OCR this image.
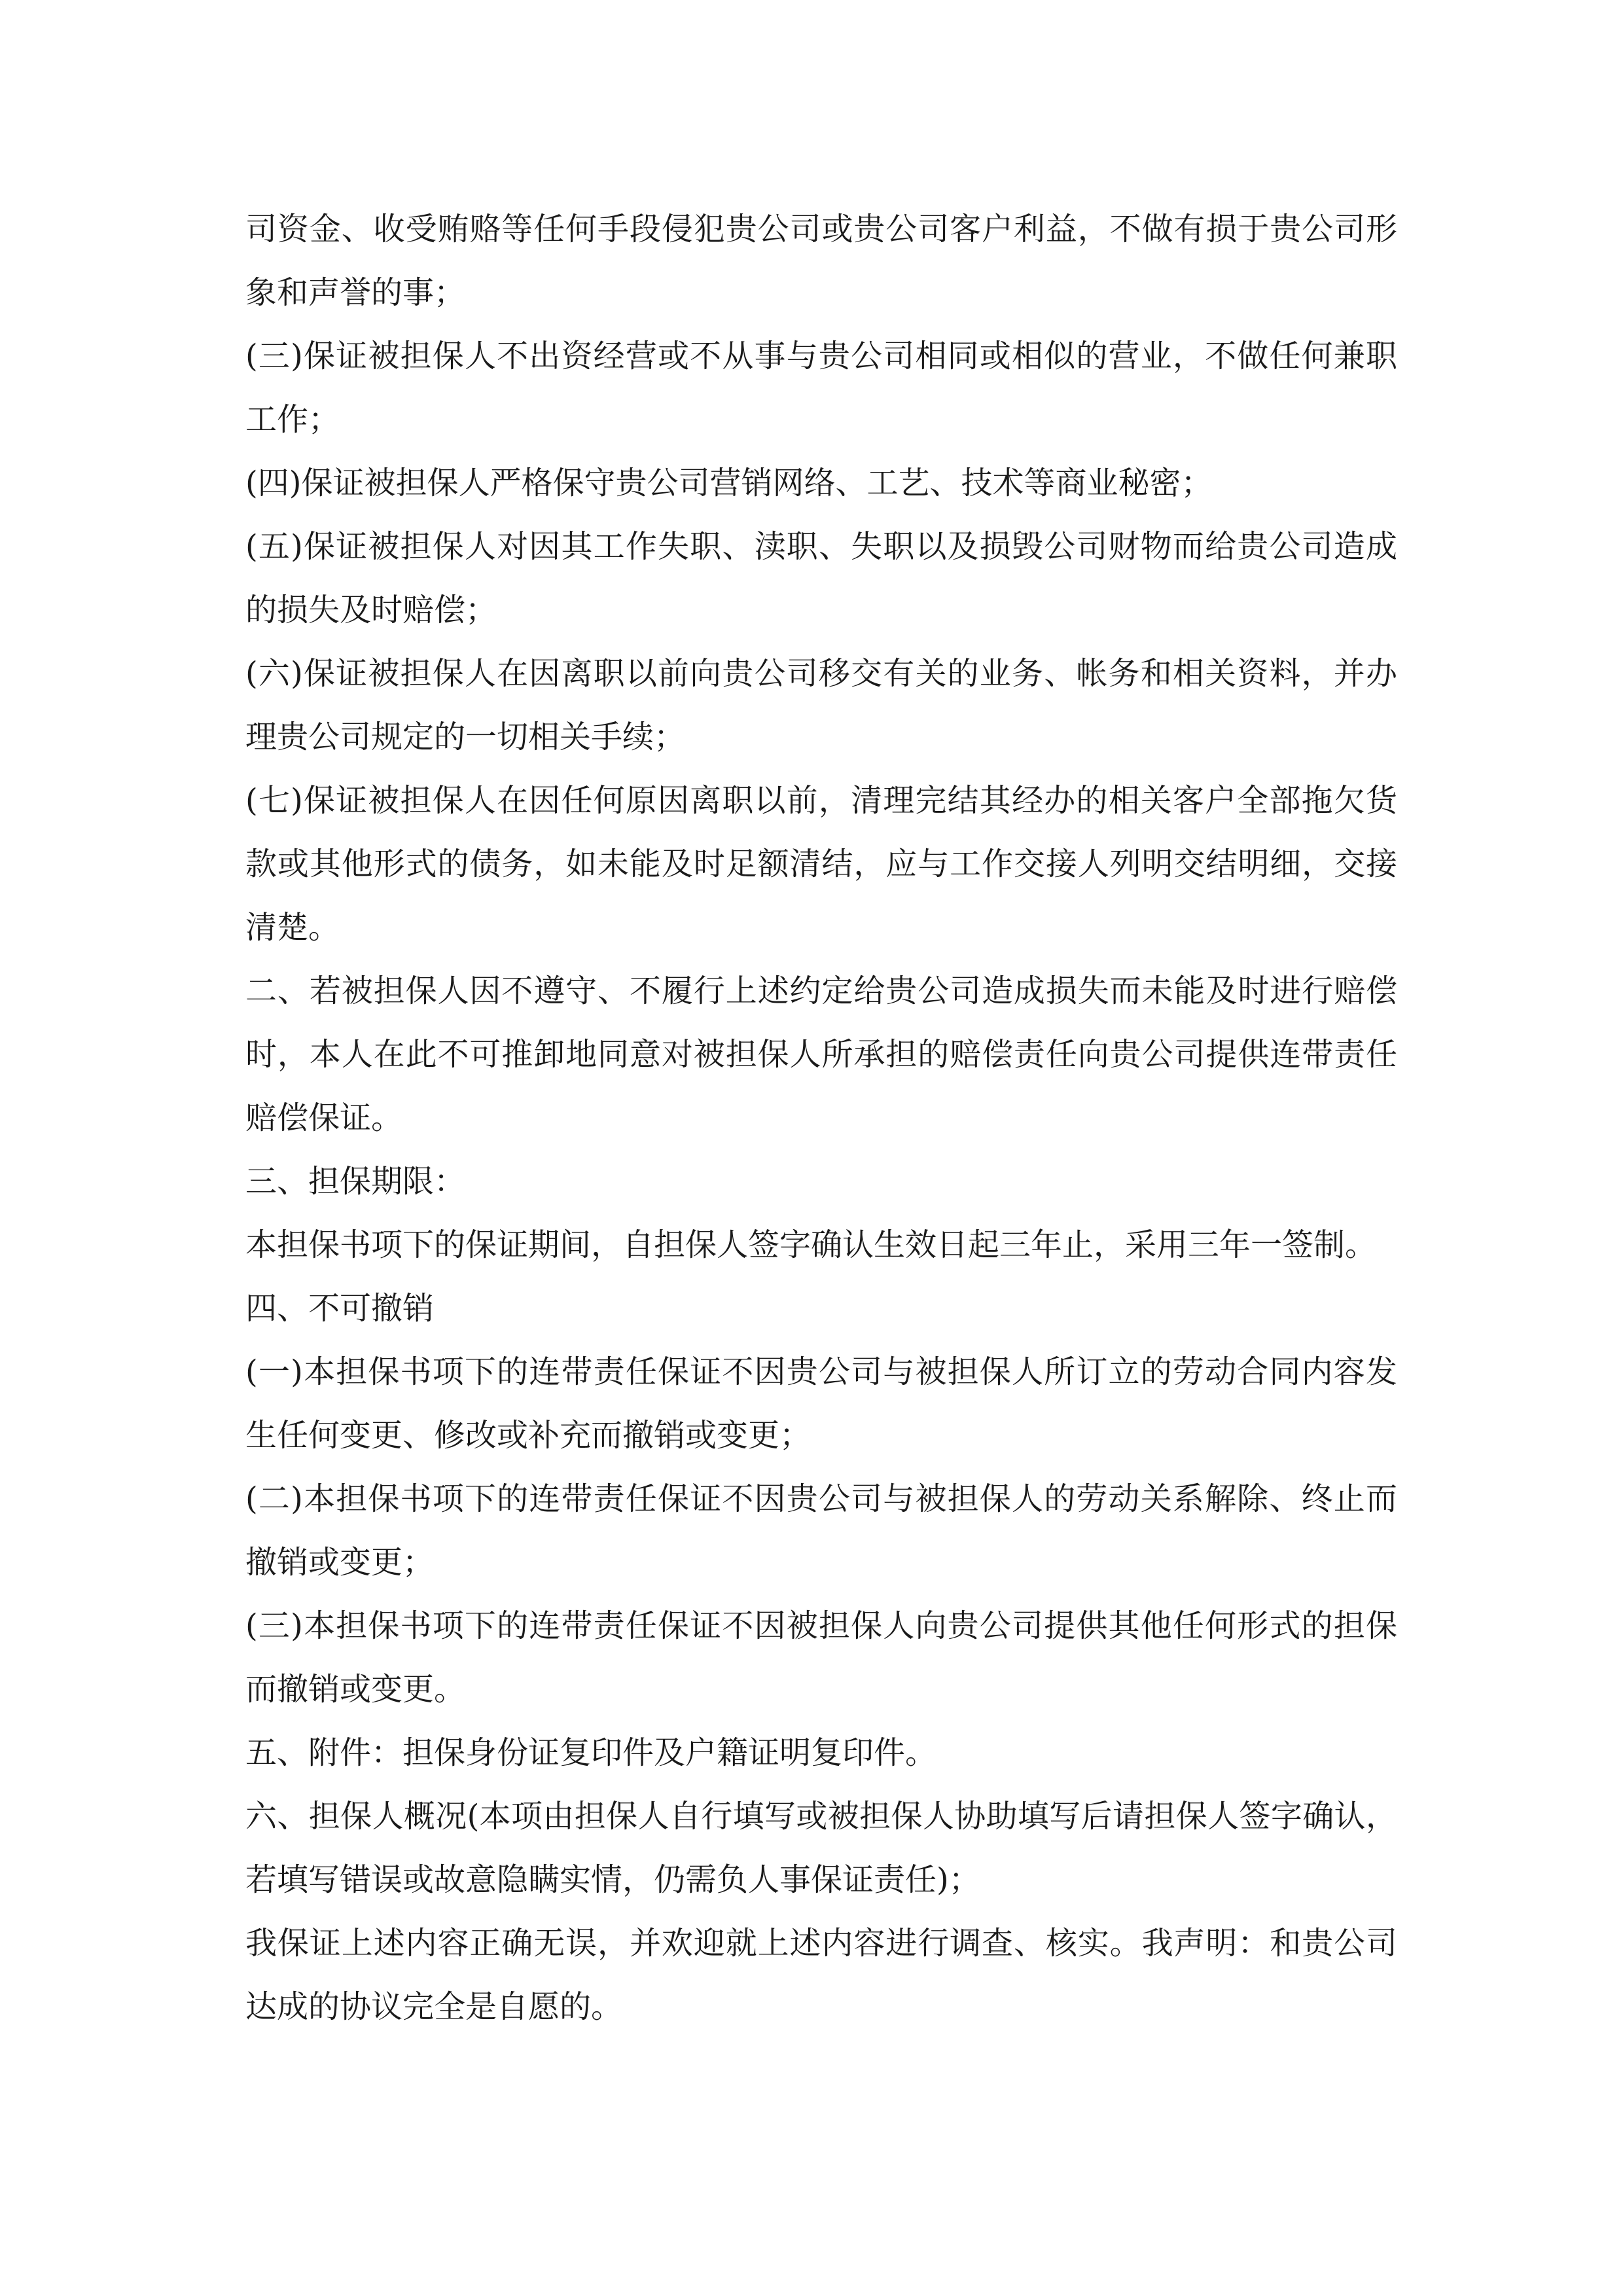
司资金、收受贿赂等任何手段侵犯贵公司或贵公司客户利益，不做有损于贵公司形象和声誉的事；

(三)保证被担保人不出资经营或不从事与贵公司相同或相似的营业，不做任何兼职工作；

(四)保证被担保人严格保守贵公司营销网络、工艺、技术等商业秘密；

(五)保证被担保人对因其工作失职、渎职、失职以及损毁公司财物而给贵公司造成的损失及时赔偿；

(六)保证被担保人在因离职以前向贵公司移交有关的业务、帐务和相关资料，并办理贵公司规定的一切相关手续；

(七)保证被担保人在因任何原因离职以前，清理完结其经办的相关客户全部拖欠货款或其他形式的债务，如未能及时足额清结，应与工作交接人列明交结明细，交接清楚。

二、若被担保人因不遵守、不履行上述约定给贵公司造成损失而未能及时进行赔偿时，本人在此不可推卸地同意对被担保人所承担的赔偿责任向贵公司提供连带责任赔偿保证。

三、担保期限：

本担保书项下的保证期间，自担保人签字确认生效日起三年止，采用三年一签制。

四、不可撤销

(一)本担保书项下的连带责任保证不因贵公司与被担保人所订立的劳动合同内容发生任何变更、修改或补充而撤销或变更；

(二)本担保书项下的连带责任保证不因贵公司与被担保人的劳动关系解除、终止而撤销或变更；

(三)本担保书项下的连带责任保证不因被担保人向贵公司提供其他任何形式的担保而撤销或变更。

五、附件：担保身份证复印件及户籍证明复印件。

六、担保人概况(本项由担保人自行填写或被担保人协助填写后请担保人签字确认，若填写错误或故意隐瞒实情，仍需负人事保证责任)；

我保证上述内容正确无误，并欢迎就上述内容进行调查、核实。我声明：和贵公司达成的协议完全是自愿的。
